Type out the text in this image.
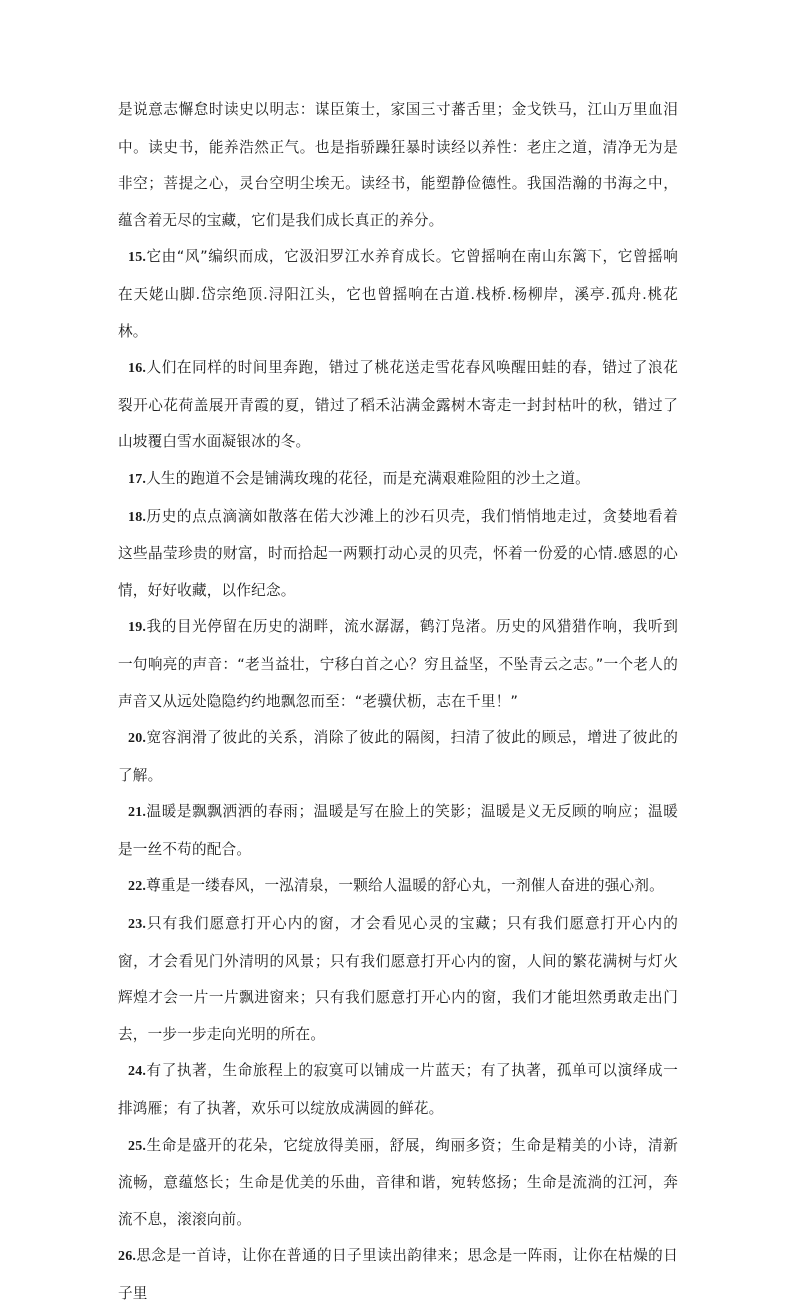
是说意志懈怠时读史以明志：谋臣策士，家国三寸蕃舌里；金戈铁马，江山万里血泪中。读史书，能养浩然正气。也是指骄躁狂暴时读经以养性：老庄之道，清净无为是非空；菩提之心，灵台空明尘埃无。读经书，能塑静俭德性。我国浩瀚的书海之中，蕴含着无尽的宝藏，它们是我们成长真正的养分。

15.它由“风”编织而成，它汲汨罗江水养育成长。它曾摇响在南山东篱下，它曾摇响在天姥山脚.岱宗绝顶.浔阳江头，它也曾摇响在古道.栈桥.杨柳岸，溪亭.孤舟.桃花林。

16.人们在同样的时间里奔跑，错过了桃花送走雪花春风唤醒田蛙的春，错过了浪花裂开心花荷盖展开青霞的夏，错过了稻禾沾满金露树木寄走一封封枯叶的秋，错过了山坡覆白雪水面凝银冰的冬。

17.人生的跑道不会是铺满玫瑰的花径，而是充满艰难险阻的沙土之道。

18.历史的点点滴滴如散落在偌大沙滩上的沙石贝壳，我们悄悄地走过，贪婪地看着这些晶莹珍贵的财富，时而拾起一两颗打动心灵的贝壳，怀着一份爱的心情.感恩的心情，好好收藏，以作纪念。

19.我的目光停留在历史的湖畔，流水潺潺，鹤汀凫渚。历史的风猎猎作响，我听到一句响亮的声音：“老当益壮，宁移白首之心？穷且益坚，不坠青云之志。”一个老人的声音又从远处隐隐约约地飘忽而至：“老骥伏枥，志在千里！”

20.宽容润滑了彼此的关系，消除了彼此的隔阂，扫清了彼此的顾忌，增进了彼此的了解。

21.温暖是飘飘洒洒的春雨；温暖是写在脸上的笑影；温暖是义无反顾的响应；温暖是一丝不苟的配合。

22.尊重是一缕春风，一泓清泉，一颗给人温暖的舒心丸，一剂催人奋进的强心剂。

23.只有我们愿意打开心内的窗，才会看见心灵的宝藏；只有我们愿意打开心内的窗，才会看见门外清明的风景；只有我们愿意打开心内的窗，人间的繁花满树与灯火辉煌才会一片一片飘进窗来；只有我们愿意打开心内的窗，我们才能坦然勇敢走出门去，一步一步走向光明的所在。

24.有了执著，生命旅程上的寂寞可以铺成一片蓝天；有了执著，孤单可以演绎成一排鸿雁；有了执著，欢乐可以绽放成满圆的鲜花。

25.生命是盛开的花朵，它绽放得美丽，舒展，绚丽多资；生命是精美的小诗，清新流畅，意蕴悠长；生命是优美的乐曲，音律和谐，宛转悠扬；生命是流淌的江河，奔流不息，滚滚向前。

26.思念是一首诗，让你在普通的日子里读出韵律来；思念是一阵雨，让你在枯燥的日子里
